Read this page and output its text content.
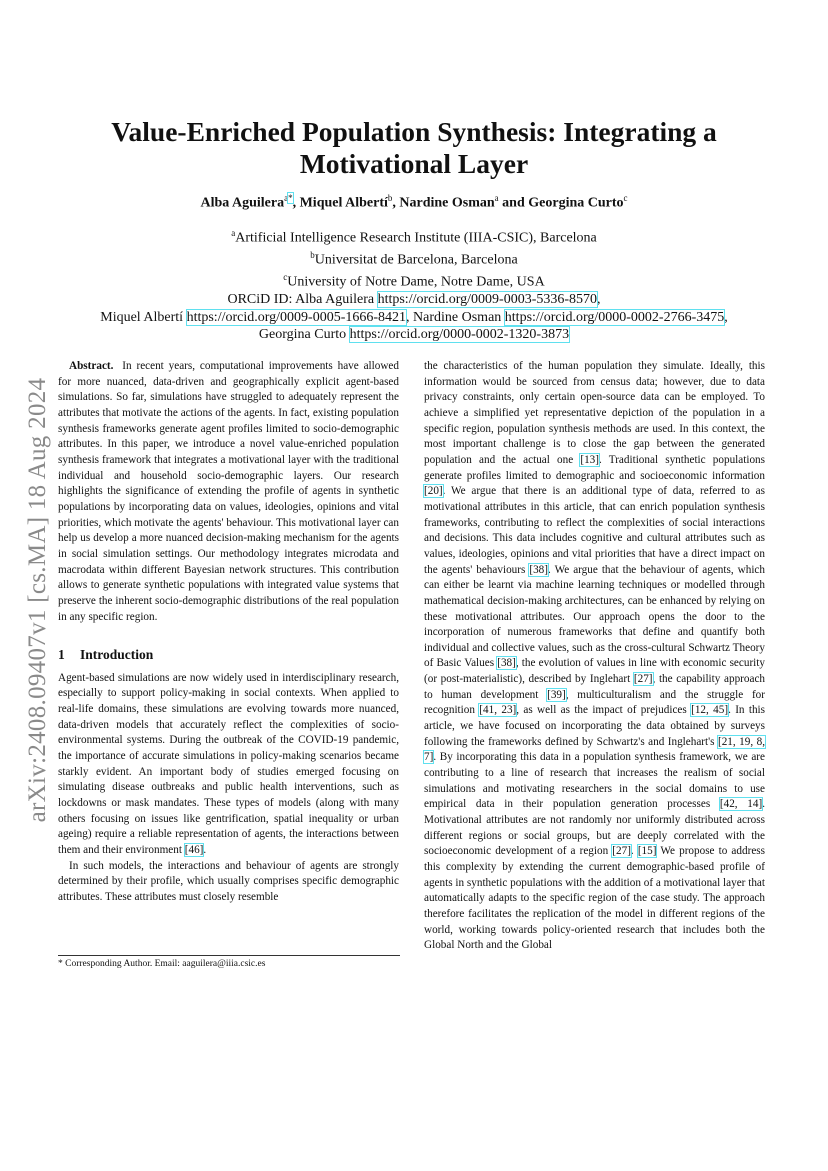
arXiv:2408.09407v1 [cs.MA] 18 Aug 2024
Value-Enriched Population Synthesis: Integrating a Motivational Layer
Alba Aguilera$^{a*}$, Miquel Albertí$^b$, Nardine Osman$^a$ and Georgina Curto$^c$
$^a$Artificial Intelligence Research Institute (IIIA-CSIC), Barcelona
$^b$Universitat de Barcelona, Barcelona
$^c$University of Notre Dame, Notre Dame, USA
ORCiD ID: Alba Aguilera https://orcid.org/0009-0003-5336-8570,
Miquel Albertí https://orcid.org/0009-0005-1666-8421, Nardine Osman https://orcid.org/0000-0002-2766-3475,
Georgina Curto https://orcid.org/0000-0002-1320-3873

Abstract. In recent years, computational improvements have allowed for more nuanced, data-driven and geographically explicit agent-based simulations. So far, simulations have struggled to adequately represent the attributes that motivate the actions of the agents. In fact, existing population synthesis frameworks generate agent profiles limited to socio-demographic attributes. In this paper, we introduce a novel value-enriched population synthesis framework that integrates a motivational layer with the traditional individual and household socio-demographic layers. Our research highlights the significance of extending the profile of agents in synthetic populations by incorporating data on values, ideologies, opinions and vital priorities, which motivate the agents' behaviour. This motivational layer can help us develop a more nuanced decision-making mechanism for the agents in social simulation settings. Our methodology integrates microdata and macrodata within different Bayesian network structures. This contribution allows to generate synthetic populations with integrated value systems that preserve the inherent socio-demographic distributions of the real population in any specific region.

1 Introduction

Agent-based simulations are now widely used in interdisciplinary research, especially to support policy-making in social contexts. When applied to real-life domains, these simulations are evolving towards more nuanced, data-driven models that accurately reflect the complexities of socio-environmental systems. During the outbreak of the COVID-19 pandemic, the importance of accurate simulations in policy-making scenarios became starkly evident. An important body of studies emerged focusing on simulating disease outbreaks and public health interventions, such as lockdowns or mask mandates. These types of models (along with many others focusing on issues like gentrification, spatial inequality or urban ageing) require a reliable representation of agents, the interactions between them and their environment [46].

In such models, the interactions and behaviour of agents are strongly determined by their profile, which usually comprises specific demographic attributes. These attributes must closely resemble

the characteristics of the human population they simulate. Ideally, this information would be sourced from census data; however, due to data privacy constraints, only certain open-source data can be employed. To achieve a simplified yet representative depiction of the population in a specific region, population synthesis methods are used. In this context, the most important challenge is to close the gap between the generated population and the actual one [13]. Traditional synthetic populations generate profiles limited to demographic and socioeconomic information [20]. We argue that there is an additional type of data, referred to as motivational attributes in this article, that can enrich population synthesis frameworks, contributing to reflect the complexities of social interactions and decisions. This data includes cognitive and cultural attributes such as values, ideologies, opinions and vital priorities that have a direct impact on the agents' behaviours [38]. We argue that the behaviour of agents, which can either be learnt via machine learning techniques or modelled through mathematical decision-making architectures, can be enhanced by relying on these motivational attributes. Our approach opens the door to the incorporation of numerous frameworks that define and quantify both individual and collective values, such as the cross-cultural Schwartz Theory of Basic Values [38], the evolution of values in line with economic security (or post-materialistic), described by Inglehart [27], the capability approach to human development [39], multiculturalism and the struggle for recognition [41, 23], as well as the impact of prejudices [12, 45]. In this article, we have focused on incorporating the data obtained by surveys following the frameworks defined by Schwartz's and Inglehart's [21, 19, 8, 7]. By incorporating this data in a population synthesis framework, we are contributing to a line of research that increases the realism of social simulations and motivating researchers in the social domains to use empirical data in their population generation processes [42, 14]. Motivational attributes are not randomly nor uniformly distributed across different regions or social groups, but are deeply correlated with the socioeconomic development of a region [27]. [15] We propose to address this complexity by extending the current demographic-based profile of agents in synthetic populations with the addition of a motivational layer that automatically adapts to the specific region of the case study. The approach therefore facilitates the replication of the model in different regions of the world, working towards policy-oriented research that includes both the Global North and the Global

* Corresponding Author. Email: aaguilera@iiia.csic.es
